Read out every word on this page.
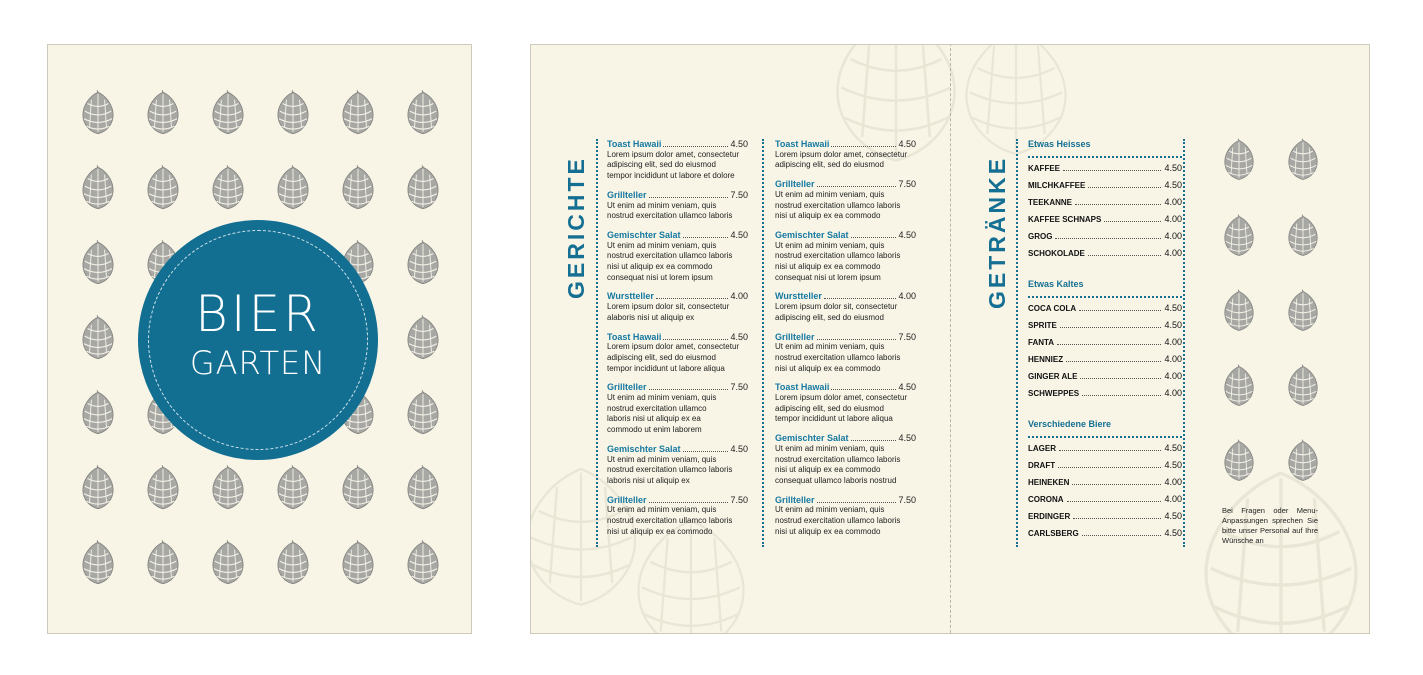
BIER
GARTEN
GERICHTE
Toast Hawaii	4.50
Lorem ipsum dolor amet, consectetur
adipiscing elit, sed do eiusmod
tempor incididunt ut labore et dolore
Grillteller	7.50
Ut enim ad minim veniam, quis
nostrud exercitation ullamco laboris
Gemischter Salat	4.50
Ut enim ad minim veniam, quis
nostrud exercitation ullamco laboris
nisi ut aliquip ex ea commodo
consequat nisi ut lorem ipsum
Wurstteller	4.00
Lorem ipsum dolor sit, consectetur
alaboris nisi ut aliquip ex
Toast Hawaii	4.50
Lorem ipsum dolor amet, consectetur
adipiscing elit, sed do eiusmod
tempor incididunt ut labore aliqua
Grillteller	7.50
Ut enim ad minim veniam, quis
nostrud exercitation ullamco
laboris nisi ut aliquip ex ea
commodo ut enim laborem
Gemischter Salat	4.50
Ut enim ad minim veniam, quis
nostrud exercitation ullamco laboris
laboris nisi ut aliquip ex
Grillteller	7.50
Ut enim ad minim veniam, quis
nostrud exercitation ullamco laboris
nisi ut aliquip ex ea commodo
Toast Hawaii	4.50
Lorem ipsum dolor amet, consectetur
adipiscing elit, sed do eiusmod
Grillteller	7.50
Ut enim ad minim veniam, quis
nostrud exercitation ullamco laboris
nisi ut aliquip ex ea commodo
Gemischter Salat	4.50
Ut enim ad minim veniam, quis
nostrud exercitation ullamco laboris
nisi ut aliquip ex ea commodo
consequat nisi ut lorem ipsum
Wurstteller	4.00
Lorem ipsum dolor sit, consectetur
adipiscing elit, sed do eiusmod
Grillteller	7.50
Ut enim ad minim veniam, quis
nostrud exercitation ullamco laboris
nisi ut aliquip ex ea commodo
Toast Hawaii	4.50
Lorem ipsum dolor amet, consectetur
adipiscing elit, sed do eiusmod
tempor incididunt ut labore aliqua
Gemischter Salat	4.50
Ut enim ad minim veniam, quis
nostrud exercitation ullamco laboris
nisi ut aliquip ex ea commodo
consequat ullamco laboris nostrud
Grillteller	7.50
Ut enim ad minim veniam, quis
nostrud exercitation ullamco laboris
nisi ut aliquip ex ea commodo
GETRÄNKE
Etwas Heisses
KAFFEE	4.50
MILCHKAFFEE	4.50
TEEKANNE	4.00
KAFFEE SCHNAPS	4.00
GROG	4.00
SCHOKOLADE	4.00
Etwas Kaltes
COCA COLA	4.50
SPRITE	4.50
FANTA	4.00
HENNIEZ	4.00
GINGER ALE	4.00
SCHWEPPES	4.00
Verschiedene Biere
LAGER	4.50
DRAFT	4.50
HEINEKEN	4.00
CORONA	4.00
ERDINGER	4.50
CARLSBERG	4.50
Bei Fragen oder Menu-Anpassungen sprechen Sie bitte unser Personal auf Ihre Wünsche an
